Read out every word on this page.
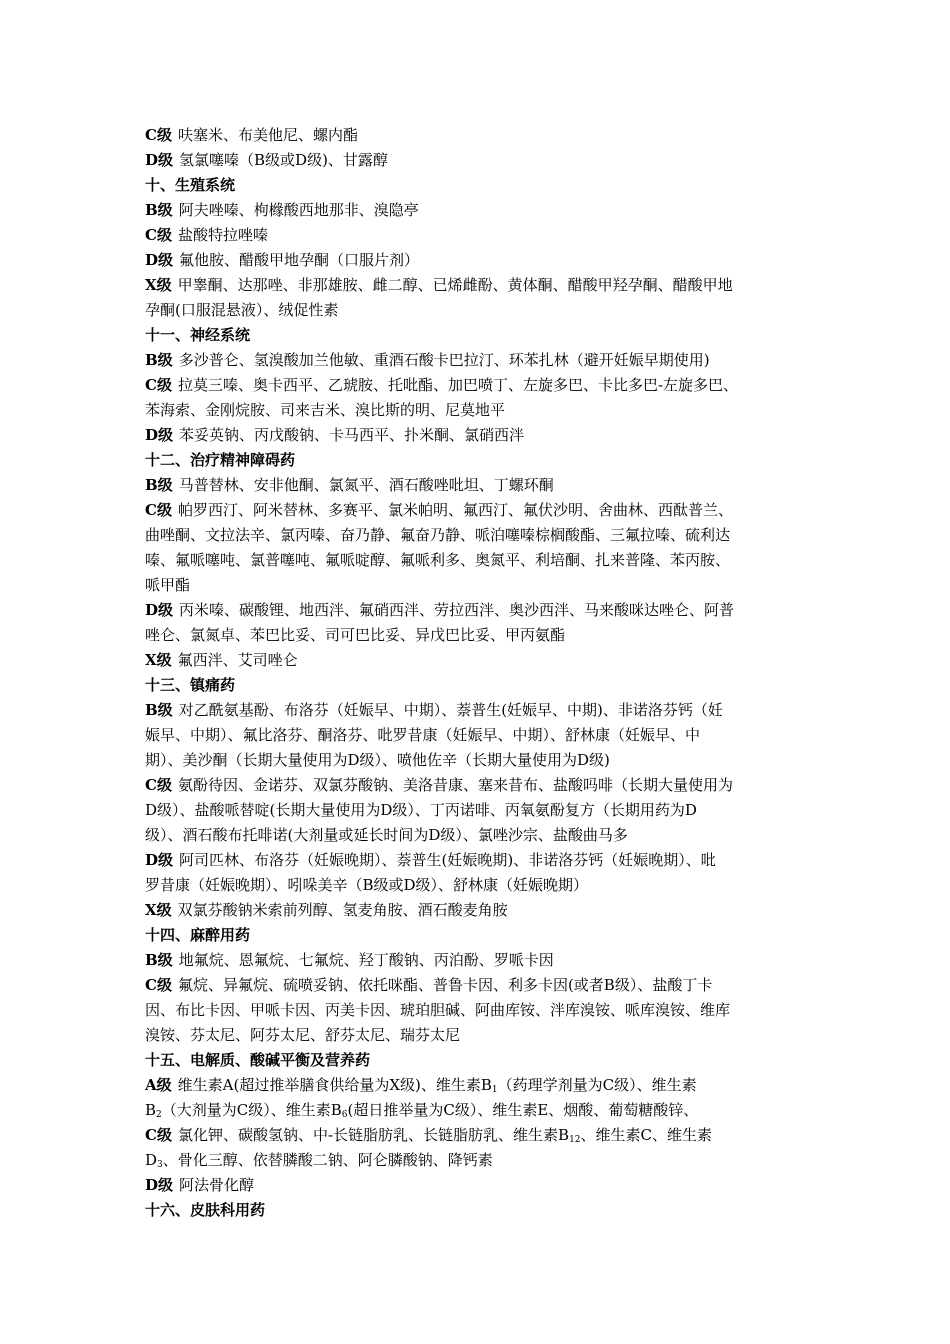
C级 呋塞米、布美他尼、螺内酯
D级 氢氯噻嗪（B级或D级)、甘露醇
十、生殖系统
B级 阿夫唑嗪、枸橼酸西地那非、溴隐亭
C级 盐酸特拉唑嗪
D级 氟他胺、醋酸甲地孕酮（口服片剂）
X级 甲睾酮、达那唑、非那雄胺、雌二醇、已烯雌酚、黄体酮、醋酸甲羟孕酮、醋酸甲地
孕酮(口服混悬液）、绒促性素
十一、神经系统
B级 多沙普仑、氢溴酸加兰他敏、重酒石酸卡巴拉汀、环苯扎林（避开妊娠早期使用)
C级 拉莫三嗪、奥卡西平、乙琥胺、托吡酯、加巴喷丁、左旋多巴、卡比多巴-左旋多巴、
苯海索、金刚烷胺、司来吉米、溴比斯的明、尼莫地平
D级 苯妥英钠、丙戊酸钠、卡马西平、扑米酮、氯硝西泮
十二、治疗精神障碍药
B级 马普替林、安非他酮、氯氮平、酒石酸唑吡坦、丁螺环酮
C级 帕罗西汀、阿米替林、多赛平、氯米帕明、氟西汀、氟伏沙明、舍曲林、西酞普兰、
曲唑酮、文拉法辛、氯丙嗪、奋乃静、氟奋乃静、哌泊噻嗪棕榈酸酯、三氟拉嗪、硫利达
嗪、氟哌噻吨、氯普噻吨、氟哌啶醇、氟哌利多、奥氮平、利培酮、扎来普隆、苯丙胺、
哌甲酯
D级 丙米嗪、碳酸锂、地西泮、氟硝西泮、劳拉西泮、奥沙西泮、马来酸咪达唑仑、阿普
唑仑、氯氮卓、苯巴比妥、司可巴比妥、异戊巴比妥、甲丙氨酯
X级 氟西泮、艾司唑仑
十三、镇痛药
B级 对乙酰氨基酚、布洛芬（妊娠早、中期）、萘普生(妊娠早、中期)、非诺洛芬钙（妊
娠早、中期）、氟比洛芬、酮洛芬、吡罗昔康（妊娠早、中期）、舒林康（妊娠早、中
期）、美沙酮（长期大量使用为D级）、喷他佐辛（长期大量使用为D级)
C级 氨酚待因、金诺芬、双氯芬酸钠、美洛昔康、塞来昔布、盐酸吗啡（长期大量使用为
D级）、盐酸哌替啶(长期大量使用为D级）、丁丙诺啡、丙氧氨酚复方（长期用药为D
级）、酒石酸布托啡诺(大剂量或延长时间为D级）、氯唑沙宗、盐酸曲马多
D级 阿司匹林、布洛芬（妊娠晚期）、萘普生(妊娠晚期)、非诺洛芬钙（妊娠晚期）、吡
罗昔康（妊娠晚期）、吲哚美辛（B级或D级）、舒林康（妊娠晚期）
X级 双氯芬酸钠米索前列醇、氢麦角胺、酒石酸麦角胺
十四、麻醉用药
B级 地氟烷、恩氟烷、七氟烷、羟丁酸钠、丙泊酚、罗哌卡因
C级 氟烷、异氟烷、硫喷妥钠、依托咪酯、普鲁卡因、利多卡因(或者B级）、盐酸丁卡
因、布比卡因、甲哌卡因、丙美卡因、琥珀胆碱、阿曲库铵、泮库溴铵、哌库溴铵、维库
溴铵、芬太尼、阿芬太尼、舒芬太尼、瑞芬太尼
十五、电解质、酸碱平衡及营养药
A级 维生素A(超过推举膳食供给量为X级)、维生素$B_1$（药理学剂量为C级）、维生素
$B_2$（大剂量为C级）、维生素$B_6$(超日推举量为C级）、维生素E、烟酸、葡萄糖酸锌、
C级 氯化钾、碳酸氢钠、中-长链脂肪乳、长链脂肪乳、维生素$B_{12}$、维生素C、维生素
$D_3$、骨化三醇、依替膦酸二钠、阿仑膦酸钠、降钙素
D级 阿法骨化醇
十六、皮肤科用药
